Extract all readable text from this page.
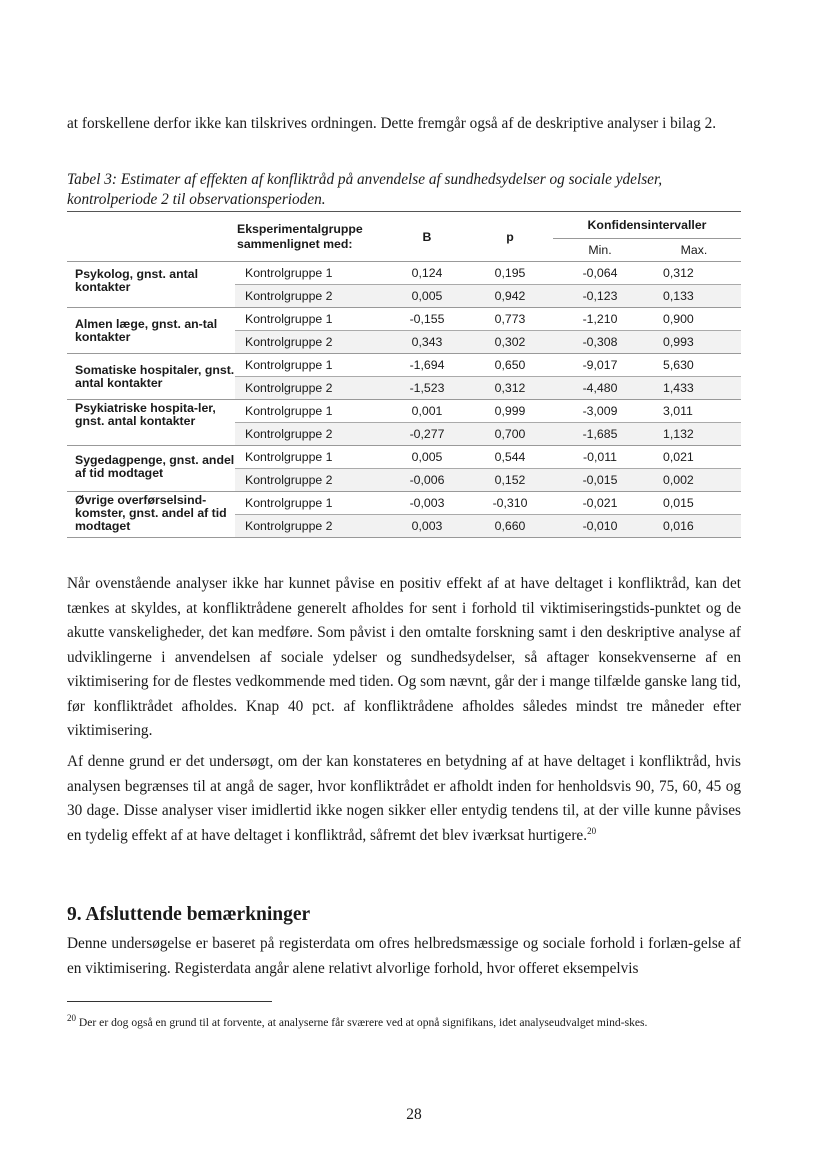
at forskellene derfor ikke kan tilskrives ordningen. Dette fremgår også af de deskriptive analyser i bilag 2.
Tabel 3: Estimater af effekten af konfliktråd på anvendelse af sundhedsydelser og sociale ydelser, kontrolperiode 2 til observationsperioden.
	Eksperimentalgruppe sammenlignet med:	B	p	Konfidensintervaller	
				Min.	Max.
Psykolog, gnst. antal kontakter	Kontrolgruppe 1	0,124	0,195	-0,064	0,312
	Kontrolgruppe 2	0,005	0,942	-0,123	0,133
Almen læge, gnst. an-tal kontakter	Kontrolgruppe 1	-0,155	0,773	-1,210	0,900
	Kontrolgruppe 2	0,343	0,302	-0,308	0,993
Somatiske hospitaler, gnst. antal kontakter	Kontrolgruppe 1	-1,694	0,650	-9,017	5,630
	Kontrolgruppe 2	-1,523	0,312	-4,480	1,433
Psykiatriske hospita-ler, gnst. antal kontakter	Kontrolgruppe 1	0,001	0,999	-3,009	3,011
	Kontrolgruppe 2	-0,277	0,700	-1,685	1,132
Sygedagpenge, gnst. andel af tid modtaget	Kontrolgruppe 1	0,005	0,544	-0,011	0,021
	Kontrolgruppe 2	-0,006	0,152	-0,015	0,002
Øvrige overførselsind-komster, gnst. andel af tid modtaget	Kontrolgruppe 1	-0,003	-0,310	-0,021	0,015
	Kontrolgruppe 2	0,003	0,660	-0,010	0,016
Når ovenstående analyser ikke har kunnet påvise en positiv effekt af at have deltaget i konfliktråd, kan det tænkes at skyldes, at konfliktrådene generelt afholdes for sent i forhold til viktimiseringstids-punktet og de akutte vanskeligheder, det kan medføre. Som påvist i den omtalte forskning samt i den deskriptive analyse af udviklingerne i anvendelsen af sociale ydelser og sundhedsydelser, så aftager konsekvenserne af en viktimisering for de flestes vedkommende med tiden. Og som nævnt, går der i mange tilfælde ganske lang tid, før konfliktrådet afholdes. Knap 40 pct. af konfliktrådene afholdes således mindst tre måneder efter viktimisering.
Af denne grund er det undersøgt, om der kan konstateres en betydning af at have deltaget i konfliktråd, hvis analysen begrænses til at angå de sager, hvor konfliktrådet er afholdt inden for henholdsvis 90, 75, 60, 45 og 30 dage. Disse analyser viser imidlertid ikke nogen sikker eller entydig tendens til, at der ville kunne påvises en tydelig effekt af at have deltaget i konfliktråd, såfremt det blev iværksat hurtigere.$^{20}$
9. Afsluttende bemærkninger
Denne undersøgelse er baseret på registerdata om ofres helbredsmæssige og sociale forhold i forlæn-gelse af en viktimisering. Registerdata angår alene relativt alvorlige forhold, hvor offeret eksempelvis
$^{20}$ Der er dog også en grund til at forvente, at analyserne får sværere ved at opnå signifikans, idet analyseudvalget mind-skes.
28
